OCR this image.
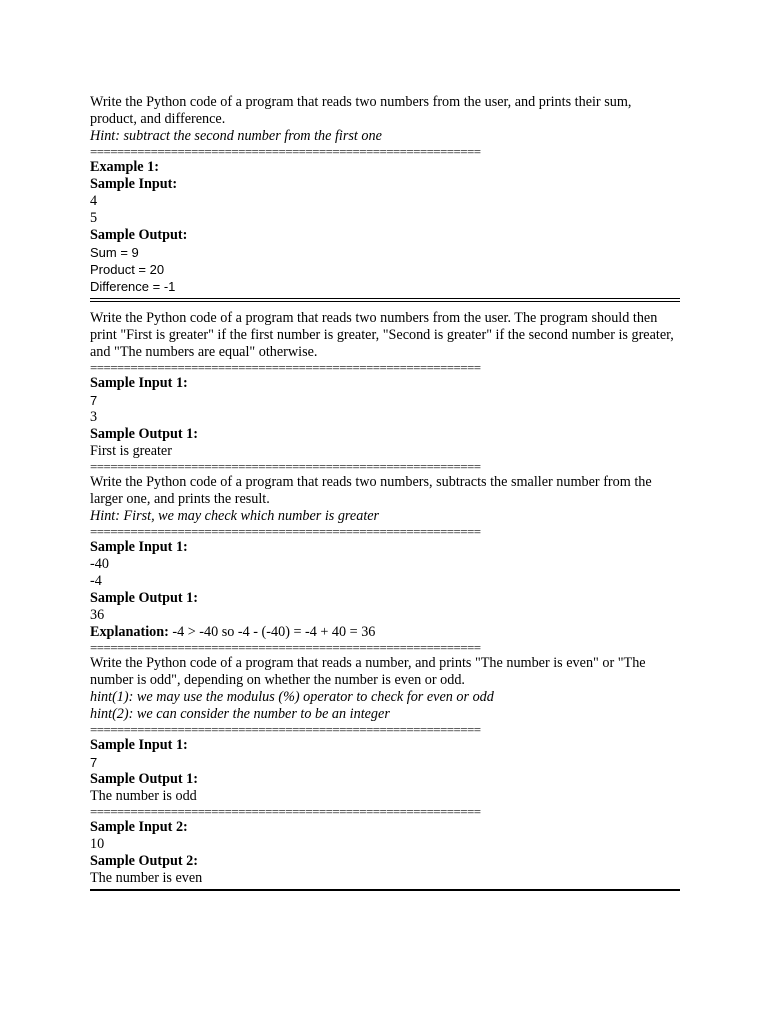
Write the Python code of a program that reads two numbers from the user, and prints their sum, product, and difference.

Hint: subtract the second number from the first one

==========================================================

Example 1:

Sample Input:

4

5

Sample Output:

Sum = 9

Product = 20

Difference = -1

Write the Python code of a program that reads two numbers from the user. The program should then print "First is greater" if the first number is greater, "Second is greater" if the second number is greater, and "The numbers are equal" otherwise.

==========================================================

Sample Input 1:

7

3

Sample Output 1:

First is greater

==========================================================

Write the Python code of a program that reads two numbers, subtracts the smaller number from the larger one, and prints the result.

Hint: First, we may check which number is greater

==========================================================

Sample Input 1:

-40

-4

Sample Output 1:

36

Explanation: -4 > -40 so -4 - (-40) = -4 + 40 = 36

==========================================================

Write the Python code of a program that reads a number, and prints "The number is even" or "The number is odd", depending on whether the number is even or odd.

hint(1): we may use the modulus (%) operator to check for even or odd

hint(2): we can consider the number to be an integer

==========================================================

Sample Input 1:

7

Sample Output 1:

The number is odd

==========================================================

Sample Input 2:

10

Sample Output 2:

The number is even
